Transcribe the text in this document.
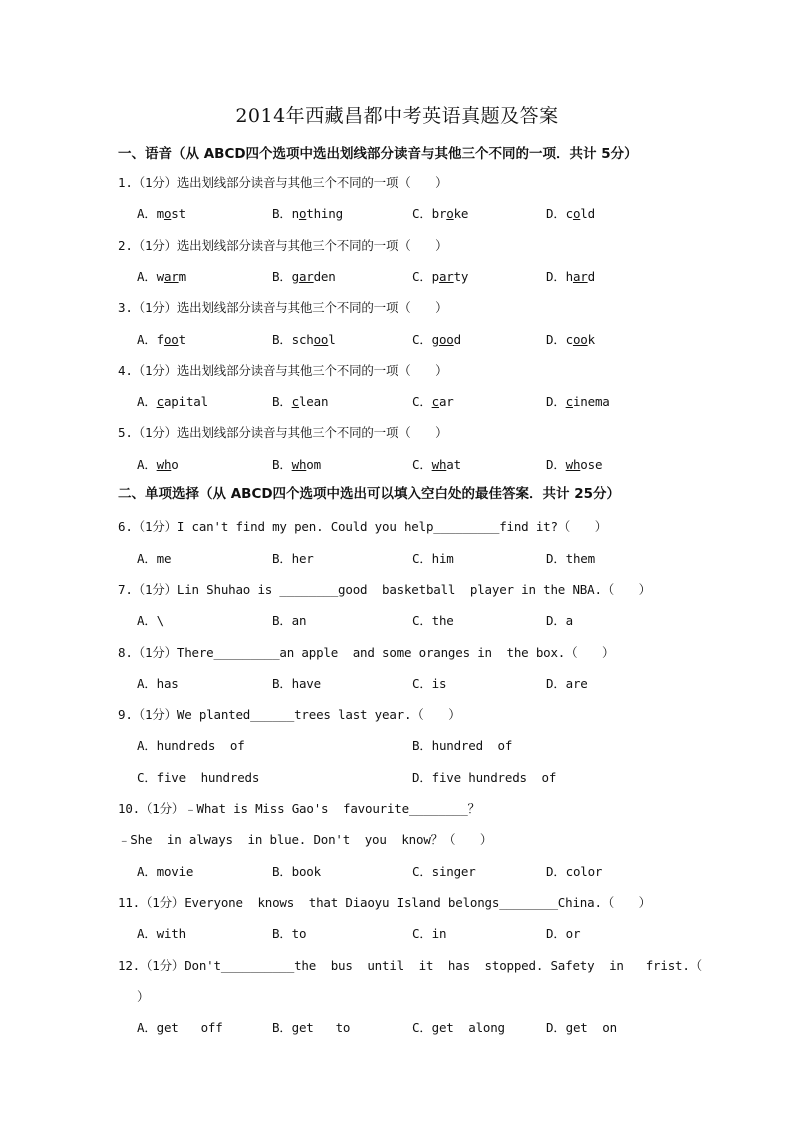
2014年西藏昌都中考英语真题及答案
一、语音（从 ABCD四个选项中选出划线部分读音与其他三个不同的一项．共计 5分）
1.（1分）选出划线部分读音与其他三个不同的一项（　　）
A．most	B．nothing	C．broke	D．cold
2.（1分）选出划线部分读音与其他三个不同的一项（　　）
A．warm	B．garden	C．party	D．hard
3.（1分）选出划线部分读音与其他三个不同的一项（　　）
A．foot	B．school	C．good	D．cook
4.（1分）选出划线部分读音与其他三个不同的一项（　　）
A．capital	B．clean	C．car	D．cinema
5.（1分）选出划线部分读音与其他三个不同的一项（　　）
A．who	B．whom	C．what	D．whose
二、单项选择（从 ABCD四个选项中选出可以填入空白处的最佳答案．共计 25分）
6.（1分）I can't find my pen. Could you help_________find it?（　　）
A．me	B．her	C．him	D．them
7.（1分）Lin Shuhao is ________good  basketball  player in the NBA.（　　）
A．\	B．an	C．the	D．a
8.（1分）There_________an apple  and some oranges in  the box.（　　）
A．has	B．have	C．is	D．are
9.（1分）We planted______trees last year.（　　）
A．hundreds  of	B．hundred  of
C．five  hundreds	D．five hundreds  of
10.（1分）﹣What is Miss Gao's  favourite________？
﹣She  in always  in blue. Don't  you  know？（　　）
A．movie	B．book	C．singer	D．color
11.（1分）Everyone  knows  that Diaoyu Island belongs________China.（　　）
A．with	B．to	C．in	D．or
12.（1分）Don't__________the  bus  until  it  has  stopped. Safety  in   frist.（
）
A．get   off	B．get   to	C．get  along	D．get  on
